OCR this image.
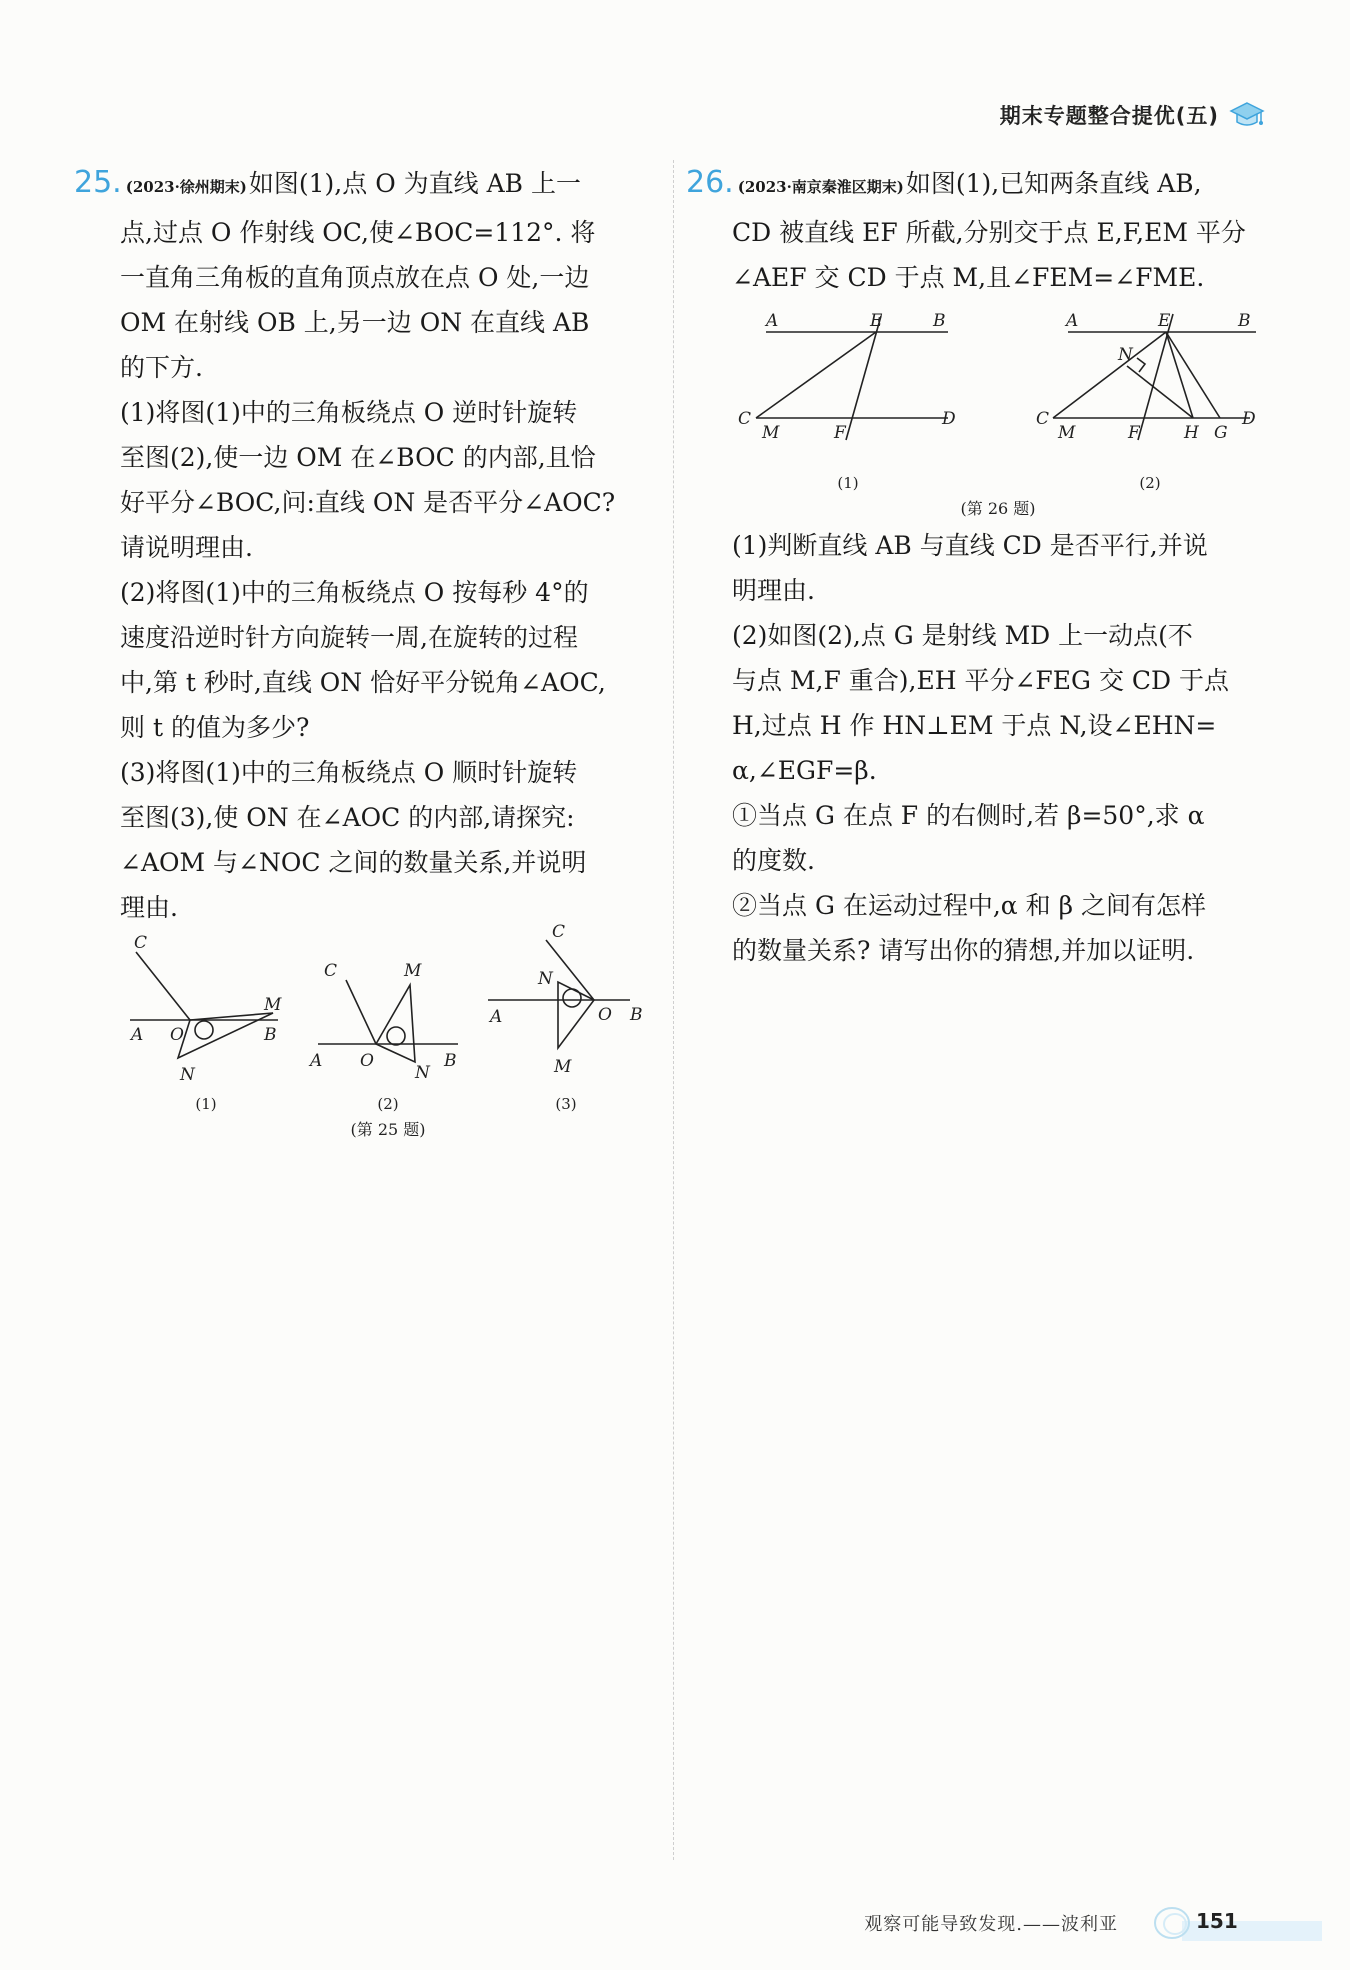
期末专题整合提优(五)

25. (2023·徐州期末)如图(1),点 O 为直线 AB 上一

点,过点 O 作射线 OC,使∠BOC=112°. 将

一直角三角板的直角顶点放在点 O 处,一边

OM 在射线 OB 上,另一边 ON 在直线 AB

的下方.

(1)将图(1)中的三角板绕点 O 逆时针旋转

至图(2),使一边 OM 在∠BOC 的内部,且恰

好平分∠BOC,问:直线 ON 是否平分∠AOC?

请说明理由.

(2)将图(1)中的三角板绕点 O 按每秒 4°的

速度沿逆时针方向旋转一周,在旋转的过程

中,第 t 秒时,直线 ON 恰好平分锐角∠AOC,

则 t 的值为多少?

(3)将图(1)中的三角板绕点 O 顺时针旋转

至图(3),使 ON 在∠AOC 的内部,请探究:

∠AOM 与∠NOC 之间的数量关系,并说明

理由.

C
A O
M
B
N
C	M
A O
N
B
C
N
A	O B
M
(1)	(2)	(3)
(第 25 题)

26. (2023·南京秦淮区期末)如图(1),已知两条直线 AB,

CD 被直线 EF 所截,分别交于点 E,F,EM 平分

∠AEF 交 CD 于点 M,且∠FEM=∠FME.

(1)判断直线 AB 与直线 CD 是否平行,并说

明理由.

(2)如图(2),点 G 是射线 MD 上一动点(不

与点 M,F 重合),EH 平分∠FEG 交 CD 于点

H,过点 H 作 HN⊥EM 于点 N,设∠EHN=

α,∠EGF=β.

①当点 G 在点 F 的右侧时,若 β=50°,求 α

的度数.

②当点 G 在运动过程中,α 和 β 之间有怎样

的数量关系? 请写出你的猜想,并加以证明.

A	E	B
C
M	F
D
A	E	B
N
C
M	F	H G
D
(1)	(2)
(第 26 题)
观察可能导致发现.——波利亚	151
